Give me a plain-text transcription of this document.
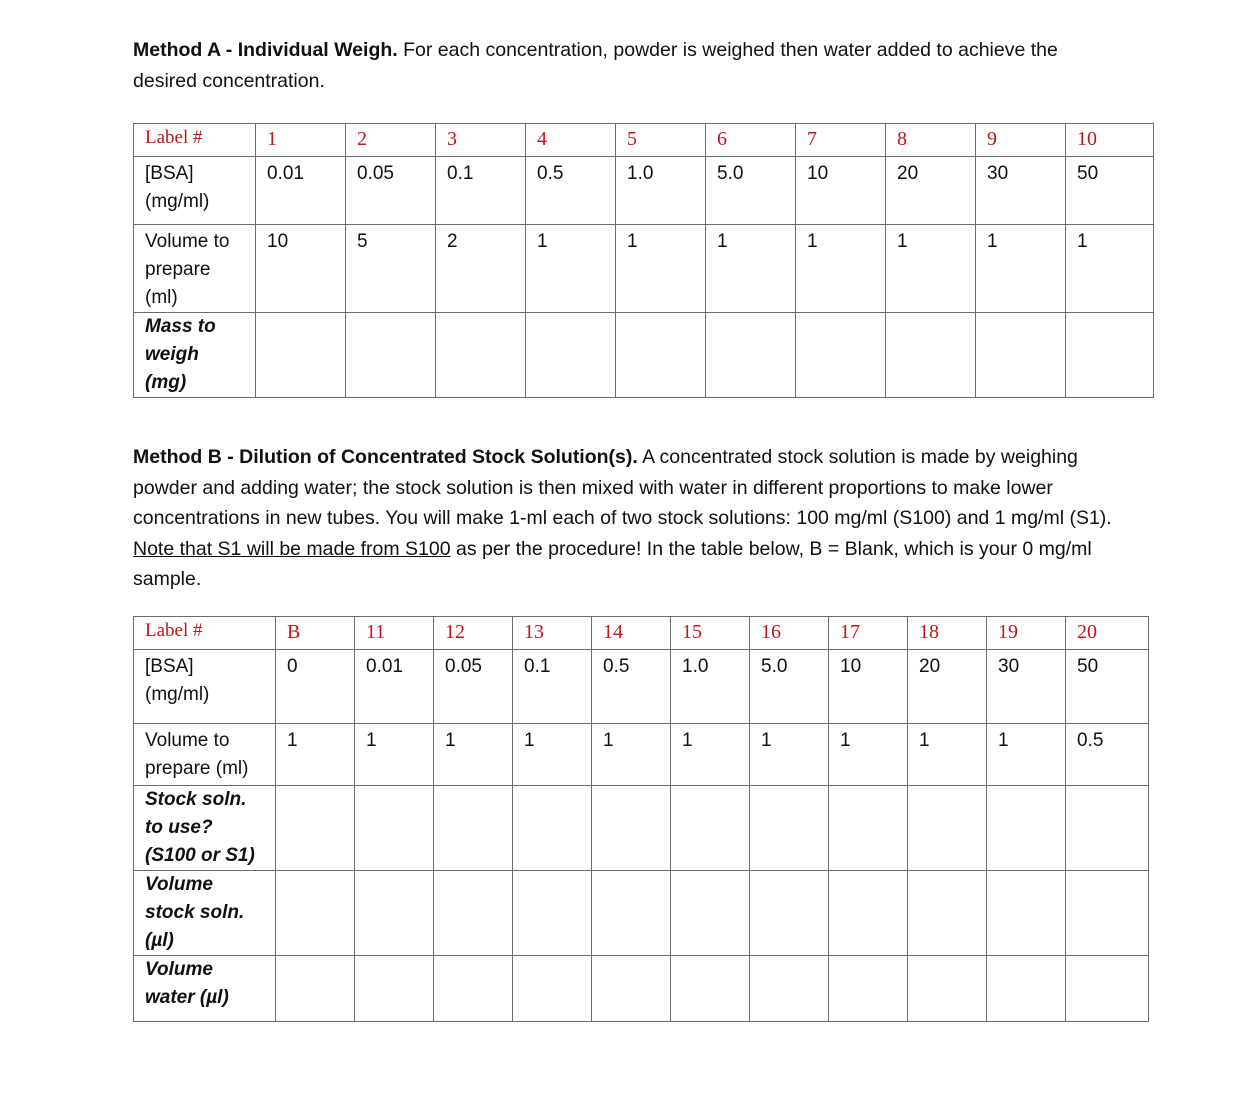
Method A - Individual Weigh. For each concentration, powder is weighed then water added to achieve the desired concentration.
Label #	1	2	3	4	5	6	7	8	9	10

[BSA]
(mg/ml)	0.01	0.05	0.1	0.5	1.0	5.0	10	20	30	50

Volume to
prepare
(ml)	10	5	2	1	1	1	1	1	1	1

Mass to
weigh
(mg)										

Method B - Dilution of Concentrated Stock Solution(s). A concentrated stock solution is made by weighing powder and adding water; the stock solution is then mixed with water in different proportions to make lower concentrations in new tubes. You will make 1-ml each of two stock solutions: 100 mg/ml (S100) and 1 mg/ml (S1). Note that S1 will be made from S100 as per the procedure! In the table below, B = Blank, which is your 0 mg/ml sample.
Label #	B	11	12	13	14	15	16	17	18	19	20

[BSA]
(mg/ml)	0	0.01	0.05	0.1	0.5	1.0	5.0	10	20	30	50

Volume to
prepare (ml)	1	1	1	1	1	1	1	1	1	1	0.5

Stock soln.
to use?
(S100 or S1)											

Volume
stock soln.
(µl)											

Volume
water (µl)											
